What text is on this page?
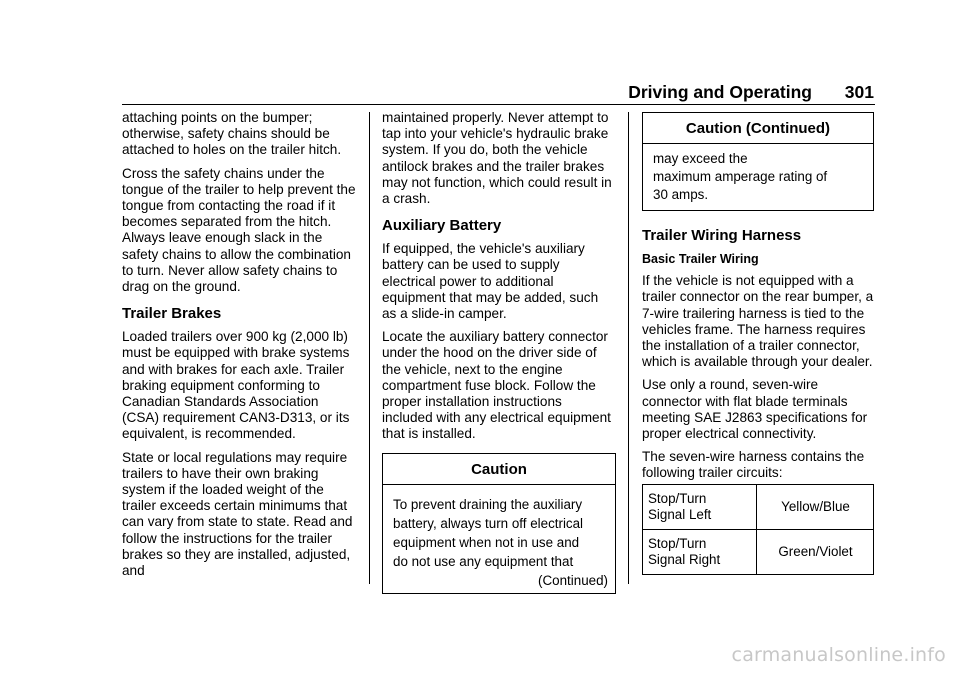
Driving and Operating 301

attaching points on the bumper; otherwise, safety chains should be attached to holes on the trailer hitch.

Cross the safety chains under the tongue of the trailer to help prevent the tongue from contacting the road if it becomes separated from the hitch. Always leave enough slack in the safety chains to allow the combination to turn. Never allow safety chains to drag on the ground.

Trailer Brakes

Loaded trailers over 900 kg (2,000 lb) must be equipped with brake systems and with brakes for each axle. Trailer braking equipment conforming to Canadian Standards Association (CSA) requirement CAN3-D313, or its equivalent, is recommended.

State or local regulations may require trailers to have their own braking system if the loaded weight of the trailer exceeds certain minimums that can vary from state to state. Read and follow the instructions for the trailer brakes so they are installed, adjusted, and

maintained properly. Never attempt to tap into your vehicle's hydraulic brake system. If you do, both the vehicle antilock brakes and the trailer brakes may not function, which could result in a crash.

Auxiliary Battery

If equipped, the vehicle's auxiliary battery can be used to supply electrical power to additional equipment that may be added, such as a slide-in camper.

Locate the auxiliary battery connector under the hood on the driver side of the vehicle, next to the engine compartment fuse block. Follow the proper installation instructions included with any electrical equipment that is installed.

Caution
To prevent draining the auxiliary
battery, always turn off electrical
equipment when not in use and
do not use any equipment that
(Continued)
Caution (Continued)
may exceed the
maximum amperage rating of
30 amps.
Trailer Wiring Harness
Basic Trailer Wiring

If the vehicle is not equipped with a trailer connector on the rear bumper, a 7-wire trailering harness is tied to the vehicles frame. The harness requires the installation of a trailer connector, which is available through your dealer.

Use only a round, seven-wire connector with flat blade terminals meeting SAE J2863 specifications for proper electrical connectivity.

The seven-wire harness contains the following trailer circuits:

Stop/Turn
Signal Left	Yellow/Blue

Stop/Turn
Signal Right	Green/Violet
carmanualsonline.info
